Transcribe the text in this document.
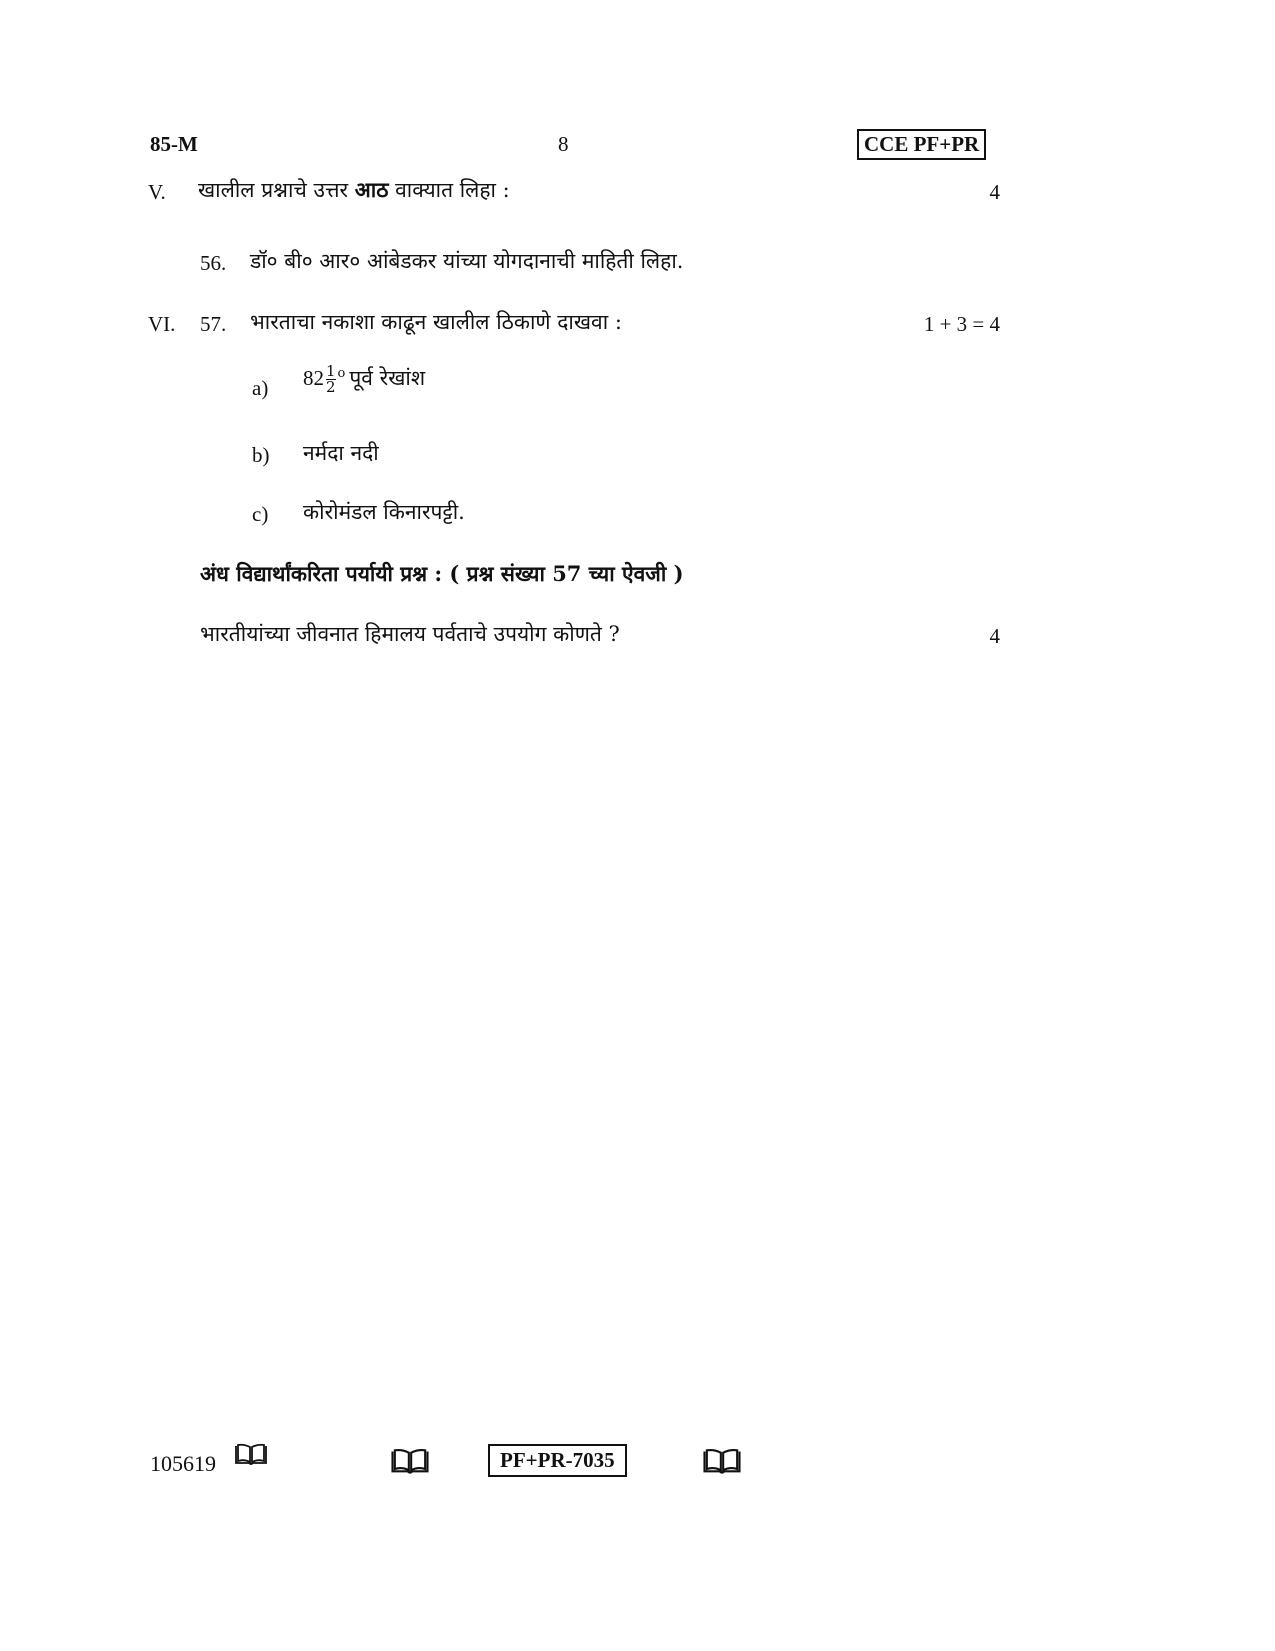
85-M	8	CCE PF+PR
V. खालील प्रश्नाचे उत्तर आठ वाक्यात लिहा :	4
56. डॉ० बी० आर० आंबेडकर यांच्या योगदानाची माहिती लिहा.
VI. 57. भारताचा नकाशा काढून खालील ठिकाणे दाखवा :	1 + 3 = 4
a) $82 \frac{1}{2} ^o$ पूर्व रेखांश
b) नर्मदा नदी
c) कोरोमंडल किनारपट्टी.
अंध विद्यार्थांकरिता पर्यायी प्रश्न : ( प्रश्न संख्या 57 च्या ऐवजी )
भारतीयांच्या जीवनात हिमालय पर्वताचे उपयोग कोणते ?	4
105619	PF+PR-7035
